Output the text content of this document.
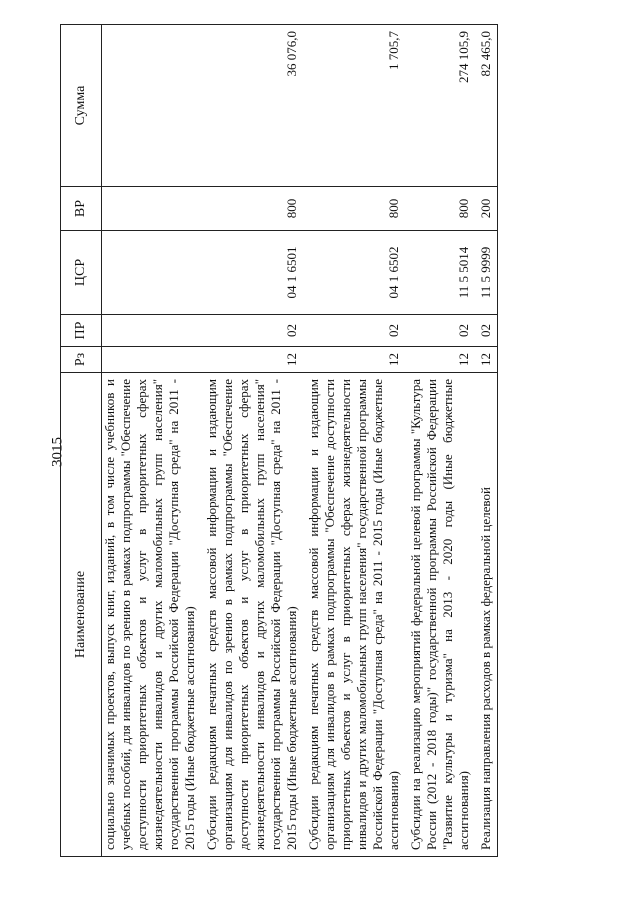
3015
Наименование	Рз	ПР	ЦСР	ВР	Сумма
социально значимых проектов, выпуск книг, изданий, в том числе учебников и учебных пособий, для инвалидов по зрению в рамках подпрограммы "Обеспечение доступности приоритетных объектов и услуг в приоритетных сферах жизнедеятельности инвалидов и других маломобильных групп населения" государственной программы Российской Федерации "Доступная среда" на 2011 - 2015 годы (Иные бюджетные ассигнования)					
Субсидии редакциям печатных средств массовой информации и издающим организациям для инвалидов по зрению в рамках подпрограммы "Обеспечение доступности приоритетных объектов и услуг в приоритетных сферах жизнедеятельности инвалидов и других маломобильных групп населения" государственной программы Российской Федерации "Доступная среда" на 2011 - 2015 годы (Иные бюджетные ассигнования)	12	02	04 1 6501	800	36 076,0
Субсидии редакциям печатных средств массовой информации и издающим организациям для инвалидов в рамках подпрограммы "Обеспечение доступности приоритетных объектов и услуг в приоритетных сферах жизнедеятельности инвалидов и других маломобильных групп населения" государственной программы Российской Федерации "Доступная среда" на 2011 - 2015 годы (Иные бюджетные ассигнования)	12	02	04 1 6502	800	1 705,7
Субсидии на реализацию мероприятий федеральной целевой программы "Культура России (2012 - 2018 годы)" государственной программы Российской Федерации "Развитие культуры и туризма" на 2013 - 2020 годы (Иные бюджетные ассигнования)	12	02	11 5 5014	800	274 105,9
Реализация направления расходов в рамках федеральной целевой	12	02	11 5 9999	200	82 465,0
